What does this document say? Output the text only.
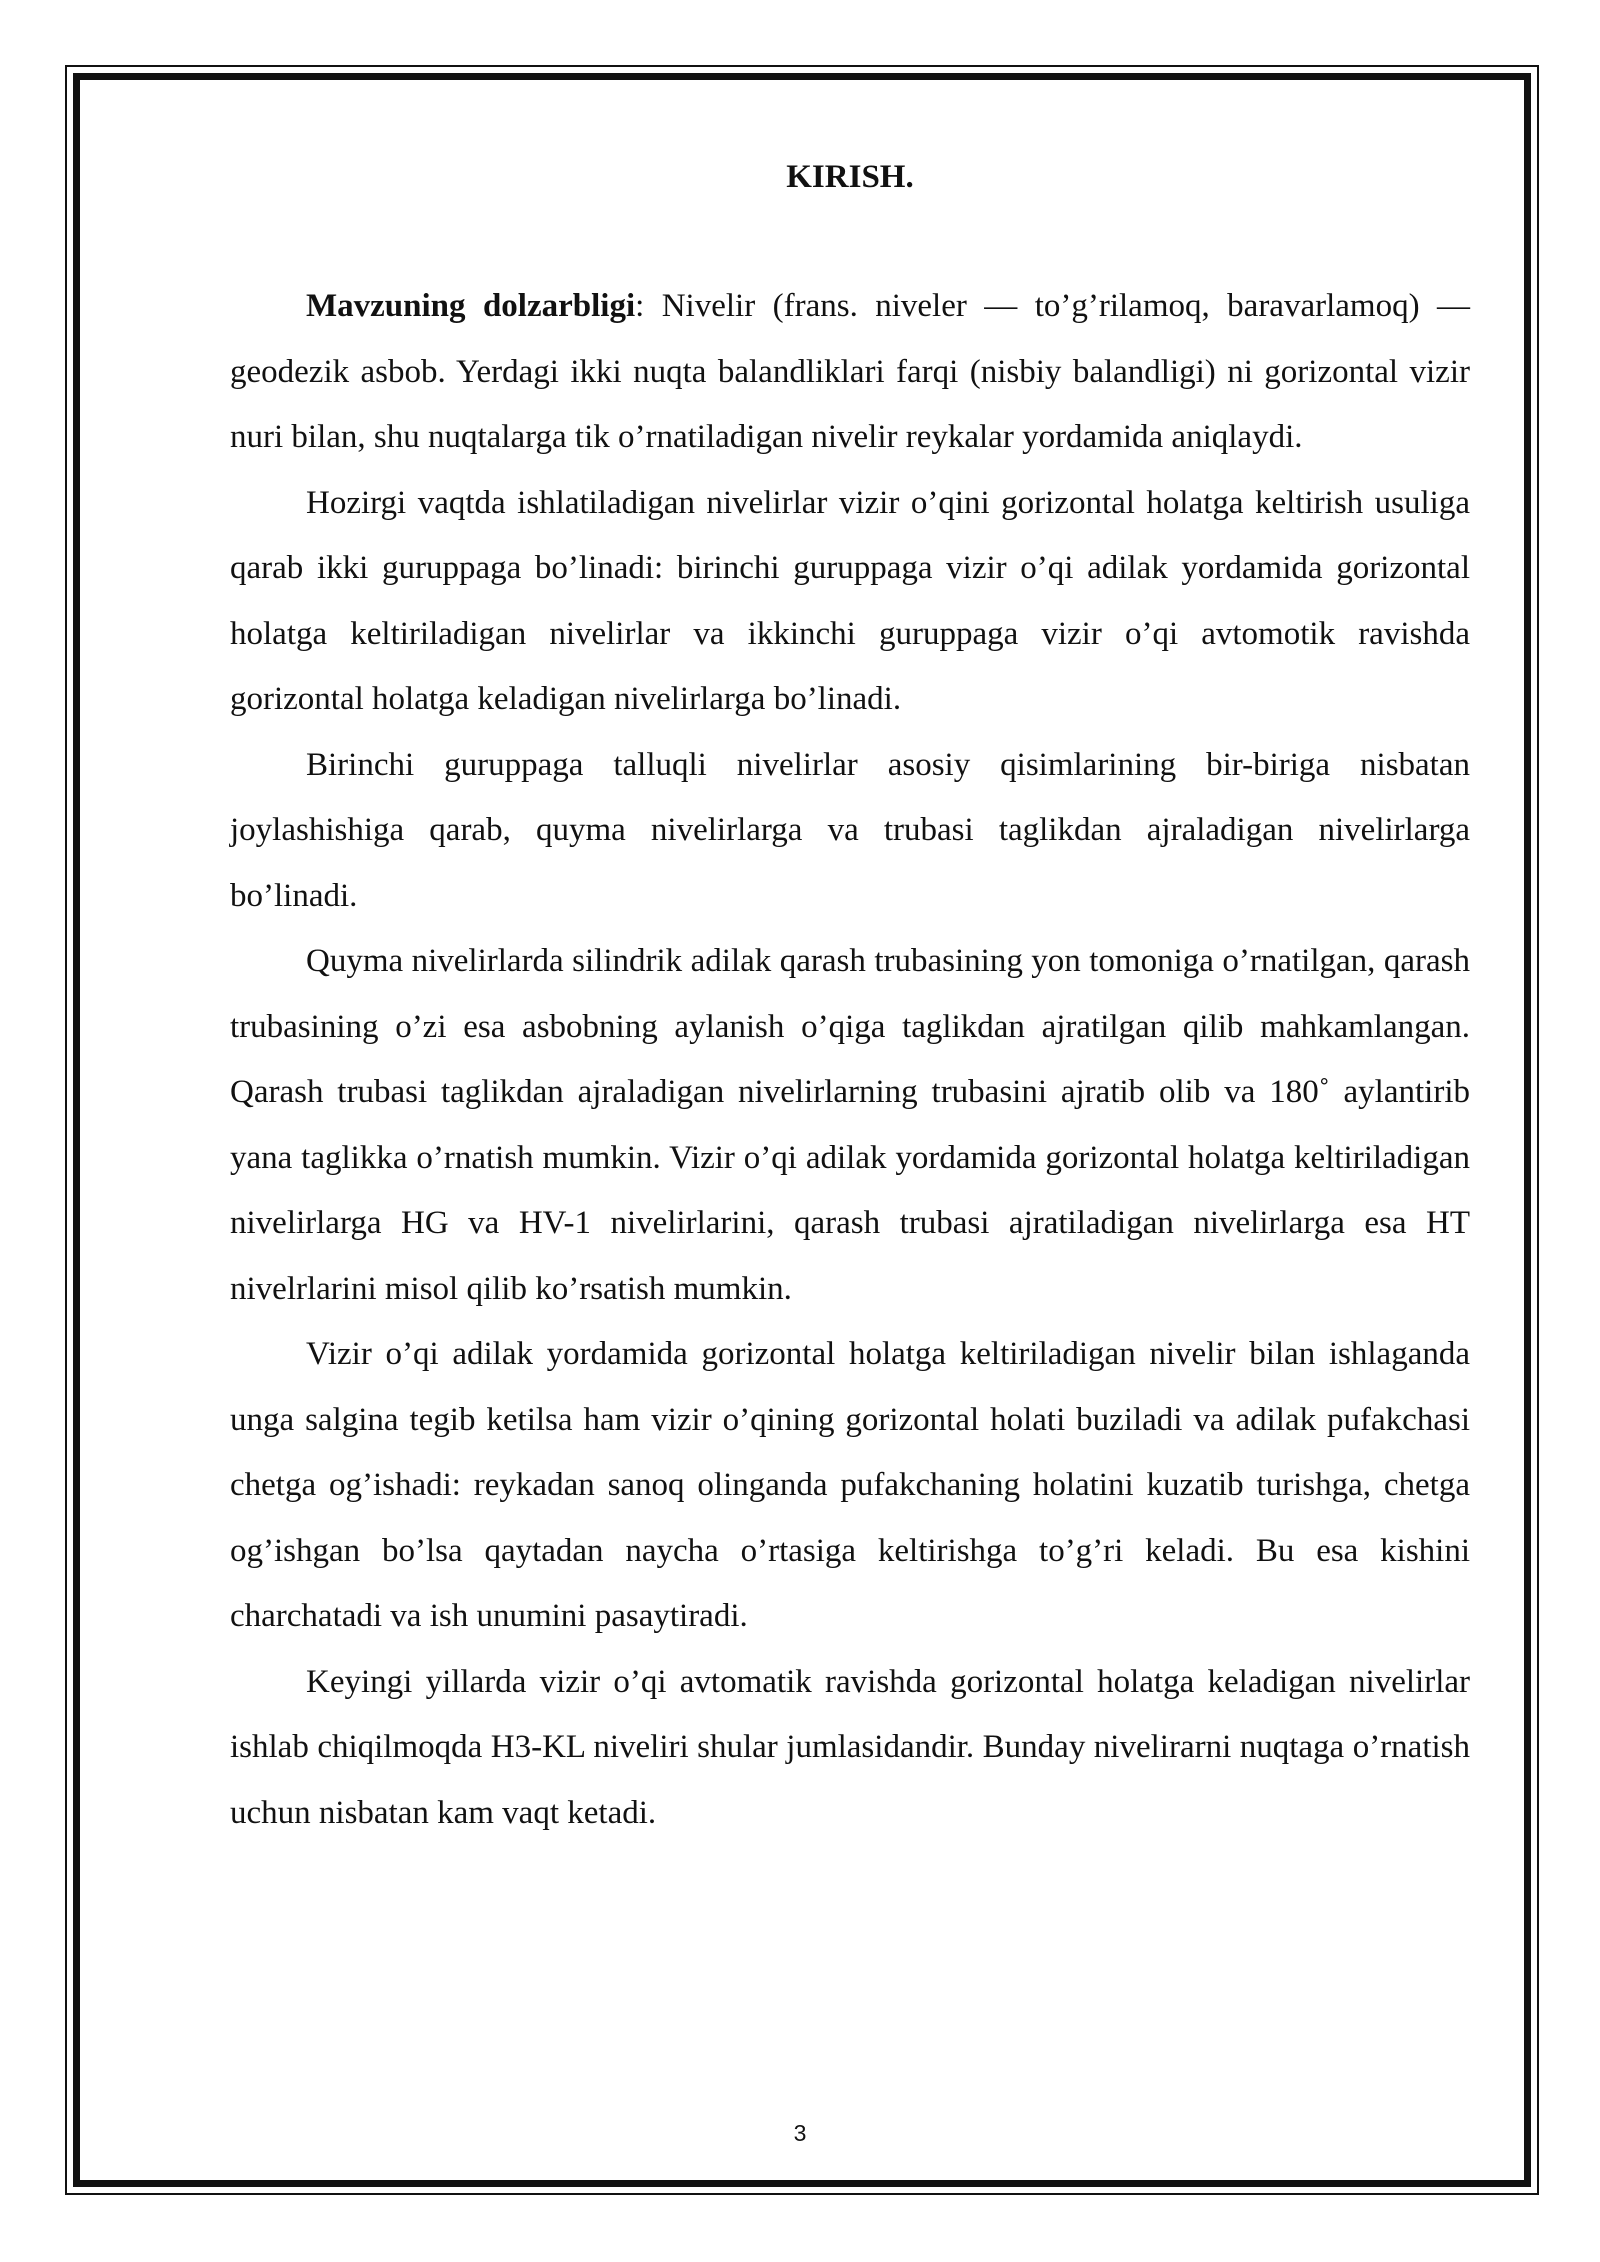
KIRISH.

Mavzuning dolzarbligi: Nivelir (frans. niveler — to’g’rilamoq, baravarlamoq) — geodezik asbob. Yerdagi ikki nuqta balandliklari farqi (nisbiy balandligi) ni gorizontal vizir nuri bilan, shu nuqtalarga tik o’rnatiladigan nivelir reykalar yordamida aniqlaydi.

Hozirgi vaqtda ishlatiladigan nivelirlar vizir o’qini gorizontal holatga keltirish usuliga qarab ikki guruppaga bo’linadi: birinchi guruppaga vizir o’qi adilak yordamida gorizontal holatga keltiriladigan nivelirlar va ikkinchi guruppaga vizir o’qi avtomotik ravishda gorizontal holatga keladigan nivelirlarga bo’linadi.

Birinchi guruppaga talluqli nivelirlar asosiy qisimlarining bir-biriga nisbatan joylashishiga qarab, quyma nivelirlarga va trubasi taglikdan ajraladigan nivelirlarga bo’linadi.

Quyma nivelirlarda silindrik adilak qarash trubasining yon tomoniga o’rnatilgan, qarash trubasining o’zi esa asbobning aylanish o’qiga taglikdan ajratilgan qilib mahkamlangan. Qarash trubasi taglikdan ajraladigan nivelirlarning trubasini ajratib olib va 180˚ aylantirib yana taglikka o’rnatish mumkin. Vizir o’qi adilak yordamida gorizontal holatga keltiriladigan nivelirlarga HG va HV-1 nivelirlarini, qarash trubasi ajratiladigan nivelirlarga esa HT nivelrlarini misol qilib ko’rsatish mumkin.

Vizir o’qi adilak yordamida gorizontal holatga keltiriladigan nivelir bilan ishlaganda unga salgina tegib ketilsa ham vizir o’qining gorizontal holati buziladi va adilak pufakchasi chetga og’ishadi: reykadan sanoq olinganda pufakchaning holatini kuzatib turishga, chetga og’ishgan bo’lsa qaytadan naycha o’rtasiga keltirishga to’g’ri keladi. Bu esa kishini charchatadi va ish unumini pasaytiradi.

Keyingi yillarda vizir o’qi avtomatik ravishda gorizontal holatga keladigan nivelirlar ishlab chiqilmoqda H3-KL niveliri shular jumlasidandir. Bunday nivelirarni nuqtaga o’rnatish uchun nisbatan kam vaqt ketadi.

3
